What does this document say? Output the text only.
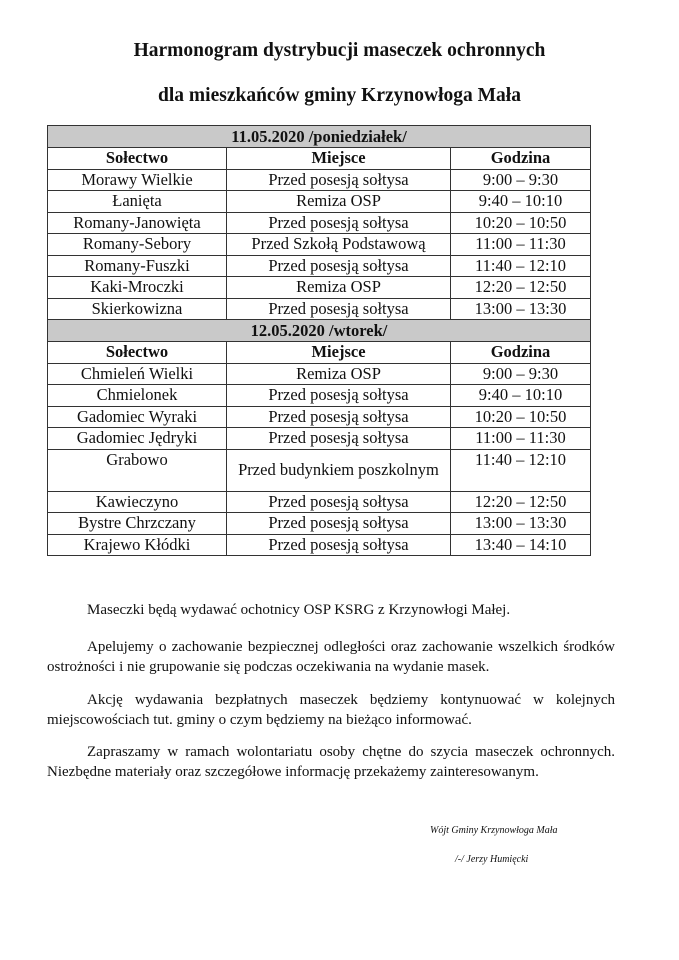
Harmonogram dystrybucji maseczek ochronnych
dla mieszkańców gminy Krzynowłoga Mała
11.05.2020 /poniedziałek/		
Sołectwo	Miejsce	Godzina
Morawy Wielkie	Przed posesją sołtysa	9:00 – 9:30
Łanięta	Remiza OSP	9:40 – 10:10
Romany-Janowięta	Przed posesją sołtysa	10:20 – 10:50
Romany-Sebory	Przed Szkołą Podstawową	11:00 – 11:30
Romany-Fuszki	Przed posesją sołtysa	11:40 – 12:10
Kaki-Mroczki	Remiza OSP	12:20 – 12:50
Skierkowizna	Przed posesją sołtysa	13:00 – 13:30
12.05.2020 /wtorek/		
Sołectwo	Miejsce	Godzina
Chmieleń Wielki	Remiza OSP	9:00 – 9:30
Chmielonek	Przed posesją sołtysa	9:40 – 10:10
Gadomiec Wyraki	Przed posesją sołtysa	10:20 – 10:50
Gadomiec Jędryki	Przed posesją sołtysa	11:00 – 11:30
Grabowo	Przed budynkiem poszkolnym	11:40 – 12:10
Kawieczyno	Przed posesją sołtysa	12:20 – 12:50
Bystre Chrzczany	Przed posesją sołtysa	13:00 – 13:30
Krajewo Kłódki	Przed posesją sołtysa	13:40 – 14:10

Maseczki będą wydawać ochotnicy OSP KSRG z Krzynowłogi Małej.

Apelujemy o zachowanie bezpiecznej odległości oraz zachowanie wszelkich środków ostrożności i nie grupowanie się podczas oczekiwania na wydanie masek.

Akcję wydawania bezpłatnych maseczek będziemy kontynuować w kolejnych miejscowościach tut. gminy o czym będziemy na bieżąco informować.

Zapraszamy w ramach wolontariatu osoby chętne do szycia maseczek ochronnych. Niezbędne materiały oraz szczegółowe informację przekażemy zainteresowanym.

Wójt Gminy Krzynowłoga Mała

/-/ Jerzy Humięcki
